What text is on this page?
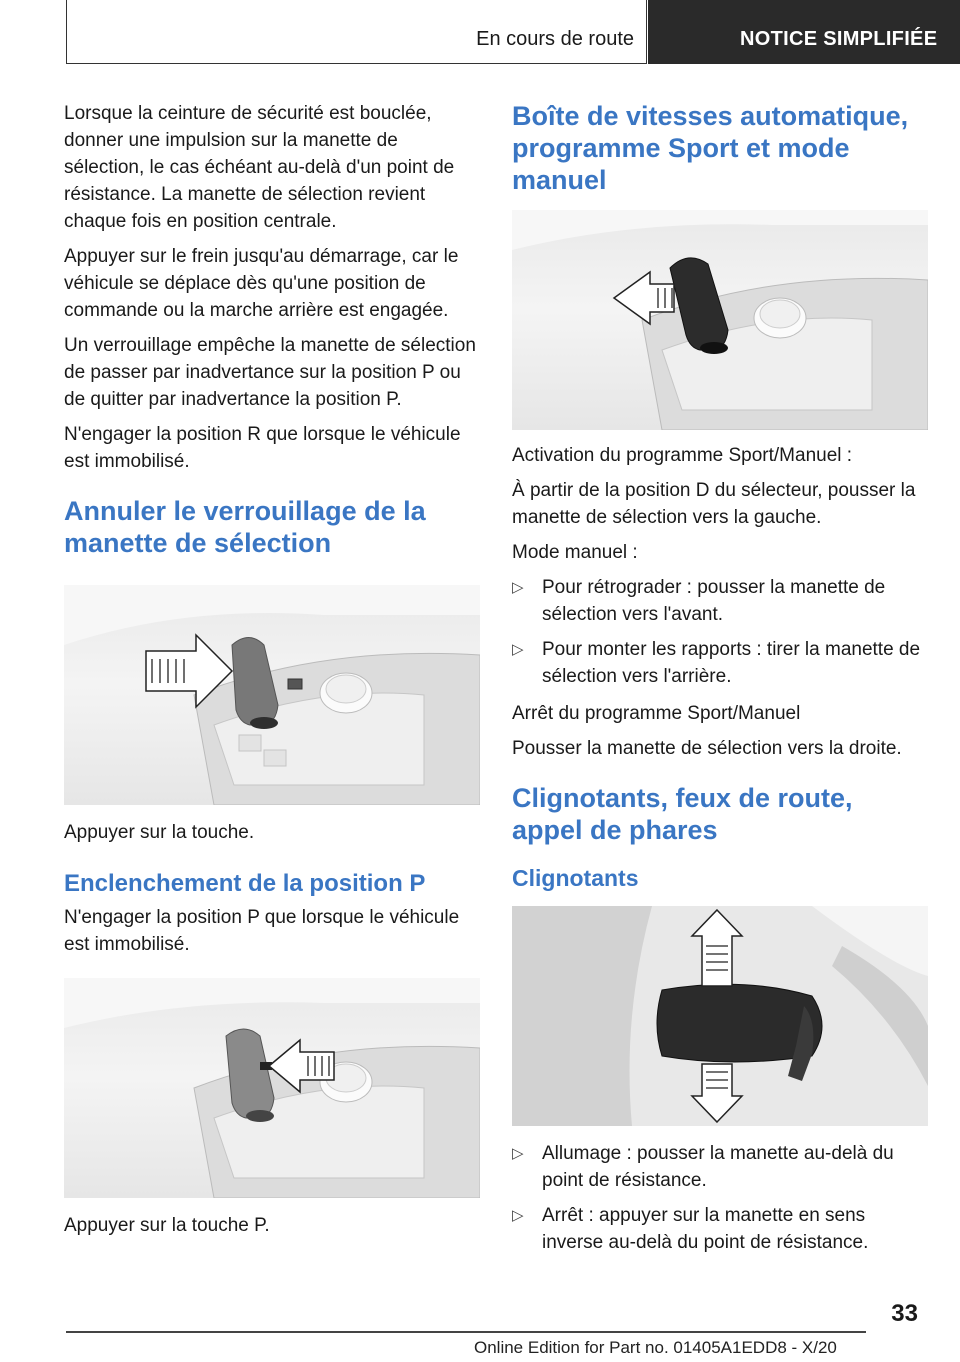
En cours de route	NOTICE SIMPLIFIÉE

Lorsque la ceinture de sécurité est bouclée, donner une impulsion sur la manette de sélection, le cas échéant au-delà d'un point de résistance. La manette de sélection revient chaque fois en position centrale.

Appuyer sur le frein jusqu'au démarrage, car le véhicule se déplace dès qu'une position de commande ou la marche arrière est engagée.

Un verrouillage empêche la manette de sélection de passer par inadvertance sur la position P ou de quitter par inadvertance la position P.

N'engager la position R que lorsque le véhicule est immobilisé.

Annuler le verrouillage de la manette de sélection

Appuyer sur la touche.

Enclenchement de la position P

N'engager la position P que lorsque le véhicule est immobilisé.

Appuyer sur la touche P.

Boîte de vitesses automatique, programme Sport et mode manuel

Activation du programme Sport/Manuel :

À partir de la position D du sélecteur, pousser la manette de sélection vers la gauche.

Mode manuel :

▷ Pour rétrograder : pousser la manette de sélection vers l'avant.
▷ Pour monter les rapports : tirer la manette de sélection vers l'arrière.

Arrêt du programme Sport/Manuel

Pousser la manette de sélection vers la droite.

Clignotants, feux de route, appel de phares
Clignotants
▷ Allumage : pousser la manette au-delà du point de résistance.
▷ Arrêt : appuyer sur la manette en sens inverse au-delà du point de résistance.
33
Online Edition for Part no. 01405A1EDD8 - X/20
